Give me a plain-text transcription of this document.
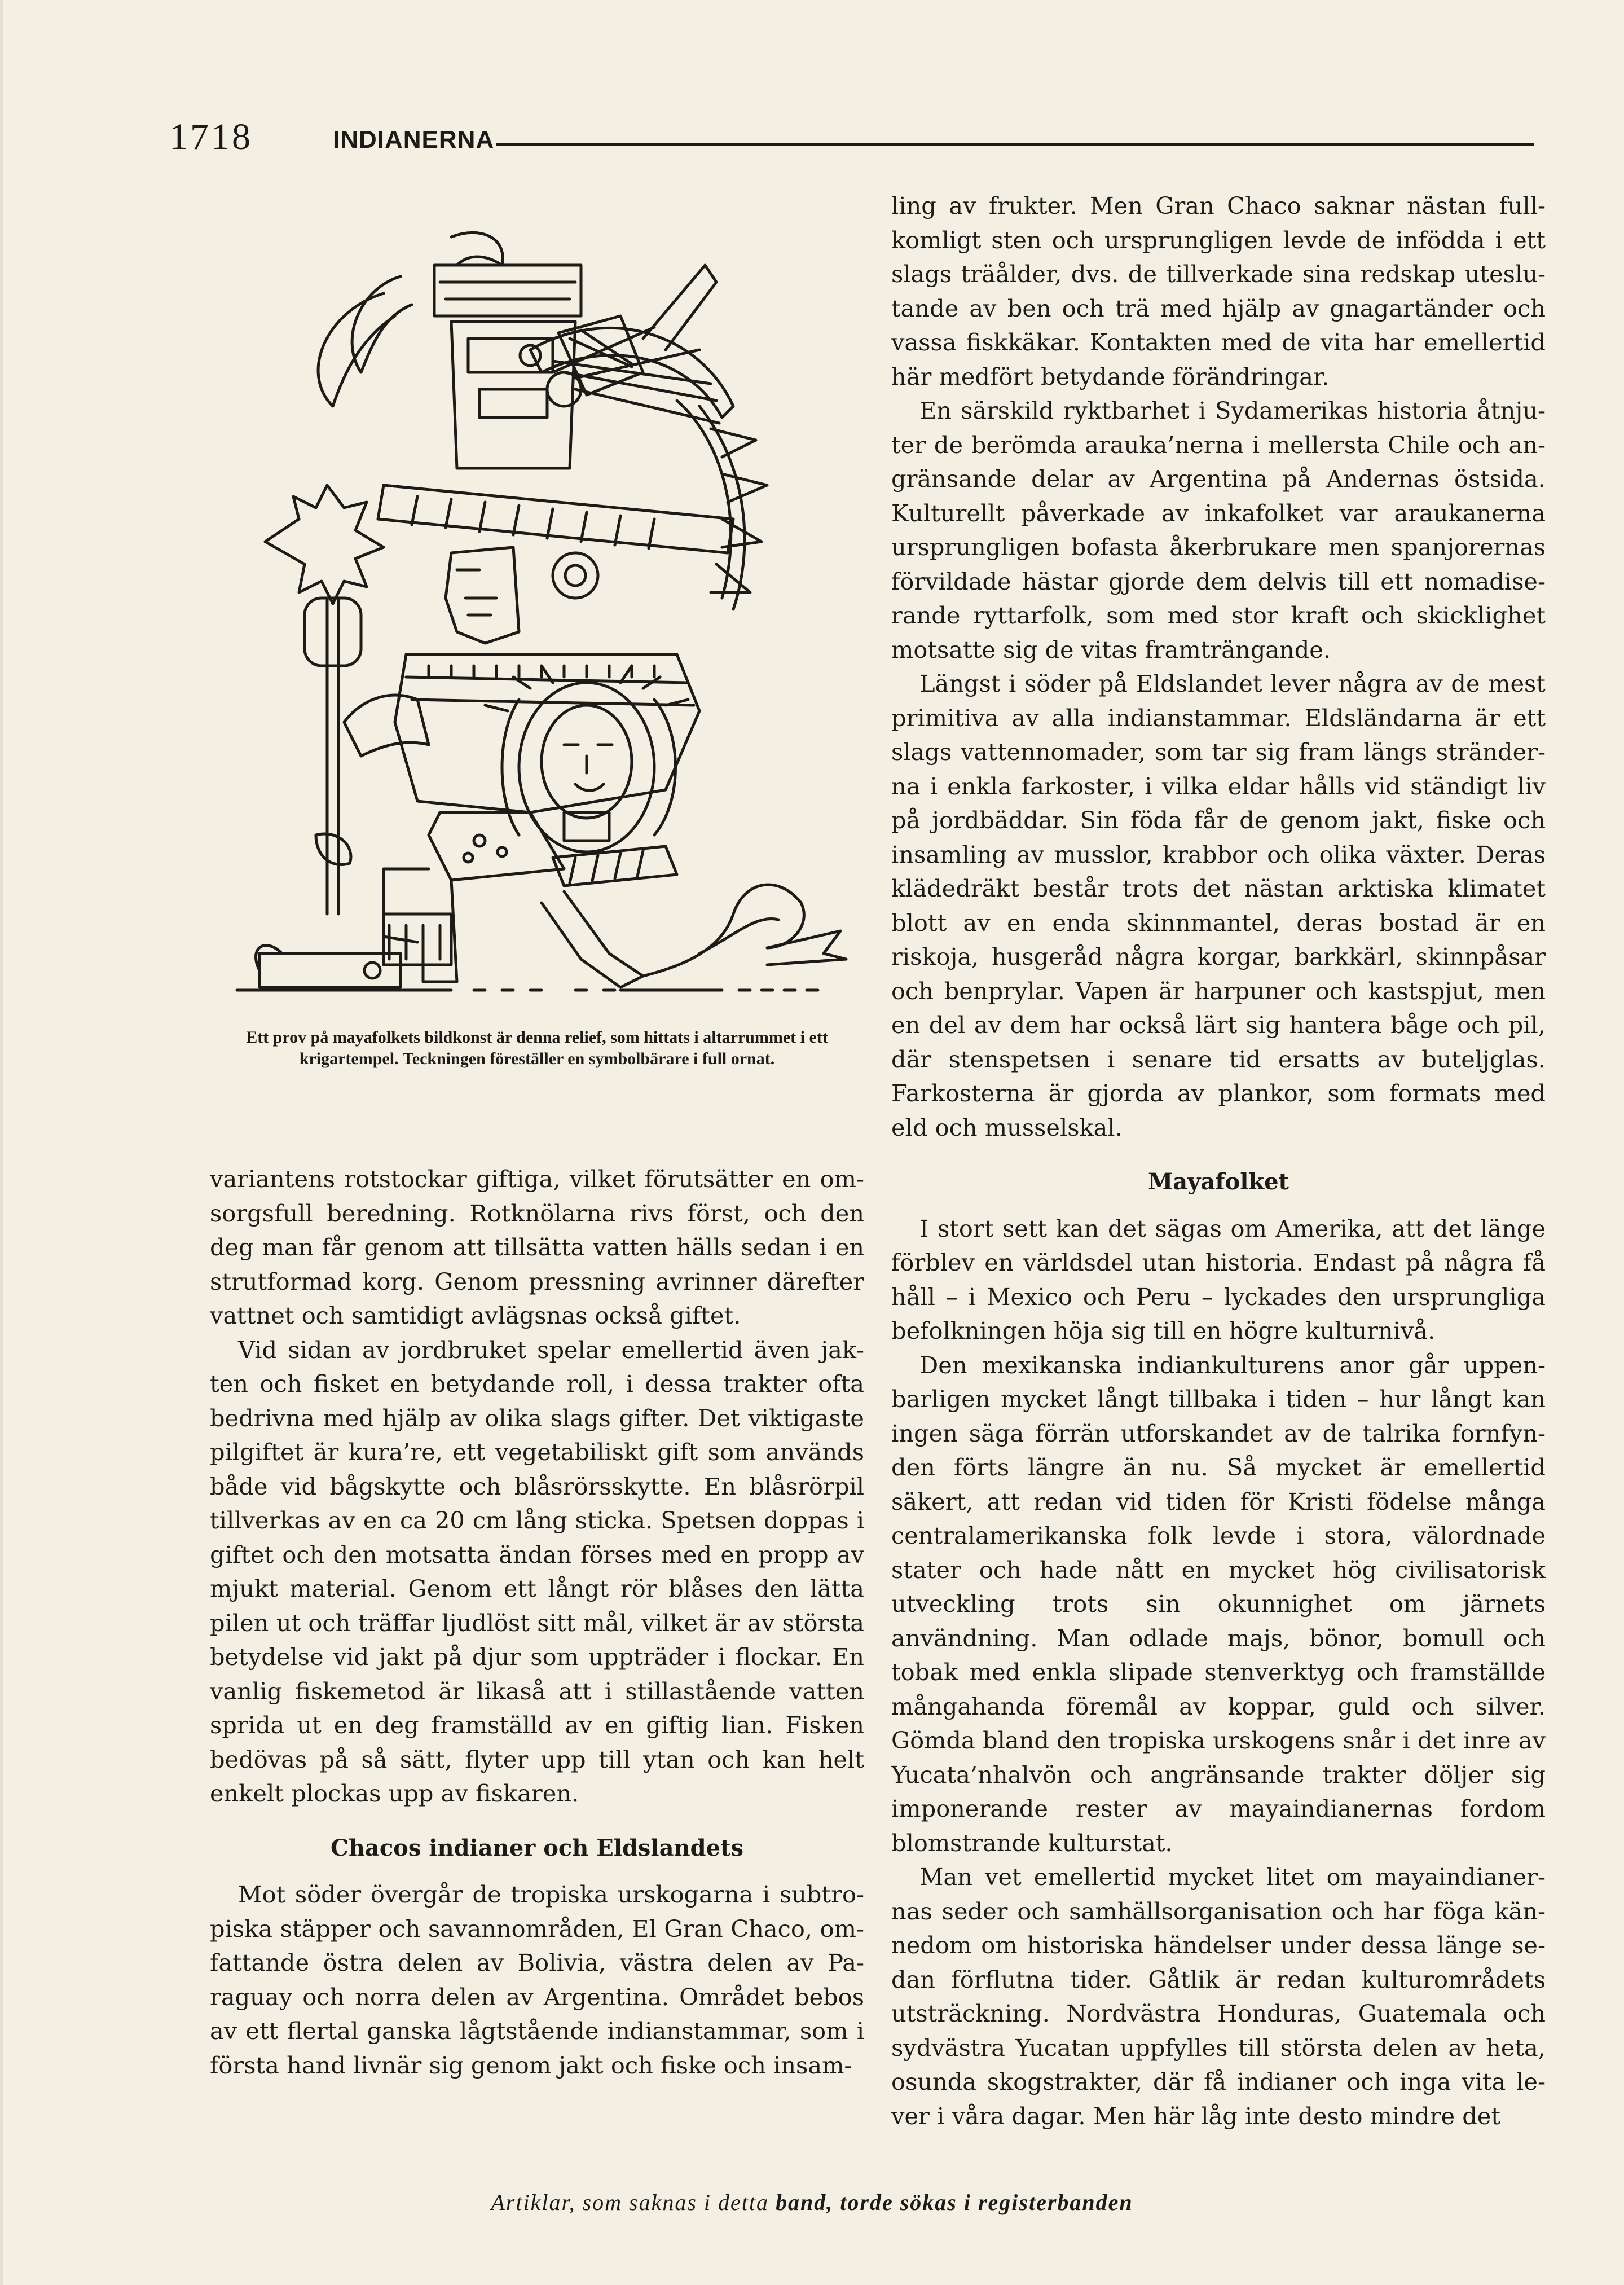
1718	INDIANERNA
Ett prov på mayafolkets bildkonst är denna relief, som hittats i altarrummet i ett krigartempel. Teckningen föreställer en symbolbärare i full ornat.

variantens rotstockar giftiga, vilket förutsätter en omsorgsfull beredning. Rotknölarna rivs först, och den deg man får genom att tillsätta vatten hälls sedan i en strutformad korg. Genom pressning avrinner därefter vattnet och samtidigt avlägsnas också giftet.

Vid sidan av jordbruket spelar emellertid även jakten och fisket en betydande roll, i dessa trakter ofta bedrivna med hjälp av olika slags gifter. Det viktigaste pilgiftet är kura’re, ett vegetabiliskt gift som används både vid bågskytte och blåsrörsskytte. En blåsrörpil tillverkas av en ca 20 cm lång sticka. Spetsen doppas i giftet och den motsatta ändan förses med en propp av mjukt material. Genom ett långt rör blåses den lätta pilen ut och träffar ljudlöst sitt mål, vilket är av största betydelse vid jakt på djur som uppträder i flockar. En vanlig fiskemetod är likaså att i stillastående vatten sprida ut en deg framställd av en giftig lian. Fisken bedövas på så sätt, flyter upp till ytan och kan helt enkelt plockas upp av fiskaren.

Chacos indianer och Eldslandets

Mot söder övergår de tropiska urskogarna i subtropiska stäpper och savannområden, El Gran Chaco, omfattande östra delen av Bolivia, västra delen av Paraguay och norra delen av Argentina. Området bebos av ett flertal ganska lågtstående indianstammar, som i första hand livnär sig genom jakt och fiske och insam-

ling av frukter. Men Gran Chaco saknar nästan fullkomligt sten och ursprungligen levde de infödda i ett slags träålder, dvs. de tillverkade sina redskap uteslutande av ben och trä med hjälp av gnagartänder och vassa fiskkäkar. Kontakten med de vita har emellertid här medfört betydande förändringar.

En särskild ryktbarhet i Sydamerikas historia åtnjuter de berömda arauka’nerna i mellersta Chile och angränsande delar av Argentina på Andernas östsida. Kulturellt påverkade av inkafolket var araukanerna ursprungligen bofasta åkerbrukare men spanjorernas förvildade hästar gjorde dem delvis till ett nomadiserande ryttarfolk, som med stor kraft och skicklighet motsatte sig de vitas framträngande.

Längst i söder på Eldslandet lever några av de mest primitiva av alla indianstammar. Eldsländarna är ett slags vattennomader, som tar sig fram längs stränderna i enkla farkoster, i vilka eldar hålls vid ständigt liv på jordbäddar. Sin föda får de genom jakt, fiske och insamling av musslor, krabbor och olika växter. Deras klädedräkt består trots det nästan arktiska klimatet blott av en enda skinnmantel, deras bostad är en riskoja, husgeråd några korgar, barkkärl, skinnpåsar och benprylar. Vapen är harpuner och kastspjut, men en del av dem har också lärt sig hantera båge och pil, där stenspetsen i senare tid ersatts av buteljglas. Farkosterna är gjorda av plankor, som formats med eld och musselskal.

Mayafolket

I stort sett kan det sägas om Amerika, att det länge förblev en världsdel utan historia. Endast på några få håll – i Mexico och Peru – lyckades den ursprungliga befolkningen höja sig till en högre kulturnivå.

Den mexikanska indiankulturens anor går uppenbarligen mycket långt tillbaka i tiden – hur långt kan ingen säga förrän utforskandet av de talrika fornfynden förts längre än nu. Så mycket är emellertid säkert, att redan vid tiden för Kristi födelse många centralamerikanska folk levde i stora, välordnade stater och hade nått en mycket hög civilisatorisk utveckling trots sin okunnighet om järnets användning. Man odlade majs, bönor, bomull och tobak med enkla slipade stenverktyg och framställde mångahanda föremål av koppar, guld och silver. Gömda bland den tropiska urskogens snår i det inre av Yucata’nhalvön och angränsande trakter döljer sig imponerande rester av mayaindianernas fordom blomstrande kulturstat.

Man vet emellertid mycket litet om mayaindianernas seder och samhällsorganisation och har föga kännedom om historiska händelser under dessa länge sedan förflutna tider. Gåtlik är redan kulturområdets utsträckning. Nordvästra Honduras, Guatemala och sydvästra Yucatan uppfylles till största delen av heta, osunda skogstrakter, där få indianer och inga vita lever i våra dagar. Men här låg inte desto mindre det

Artiklar, som saknas i detta band, torde sökas i registerbanden
